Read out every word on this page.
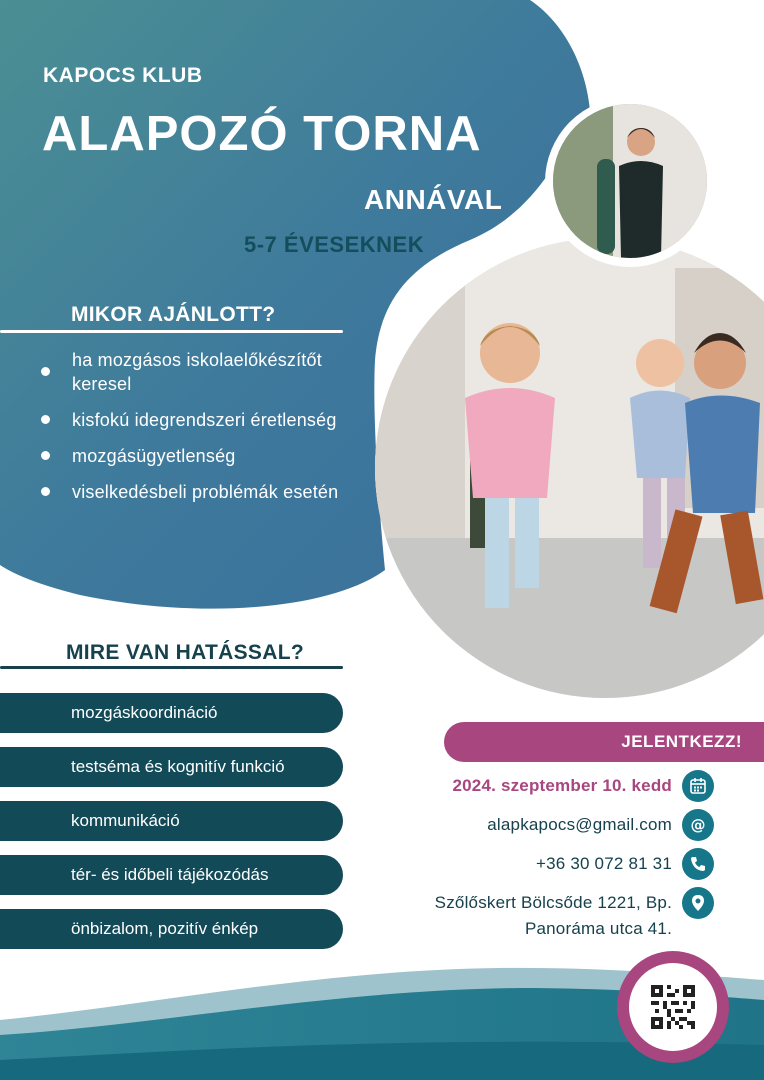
KAPOCS KLUB
ALAPOZÓ TORNA
ANNÁVAL
5-7 ÉVESEKNEK
MIKOR AJÁNLOTT?
ha mozgásos iskolaelőkészítőt keresel
kisfokú idegrendszeri éretlenség
mozgásügyetlenség
viselkedésbeli problémák esetén
MIRE VAN HATÁSSAL?
mozgáskoordináció
testséma és kognitív funkció
kommunikáció
tér- és időbeli tájékozódás
önbizalom, pozitív énkép
JELENTKEZZ!
2024. szeptember 10. kedd
alapkapocs@gmail.com @
+36 30 072 81 31
Szőlőskert Bölcsőde 1221, Bp.
Panoráma utca 41.
